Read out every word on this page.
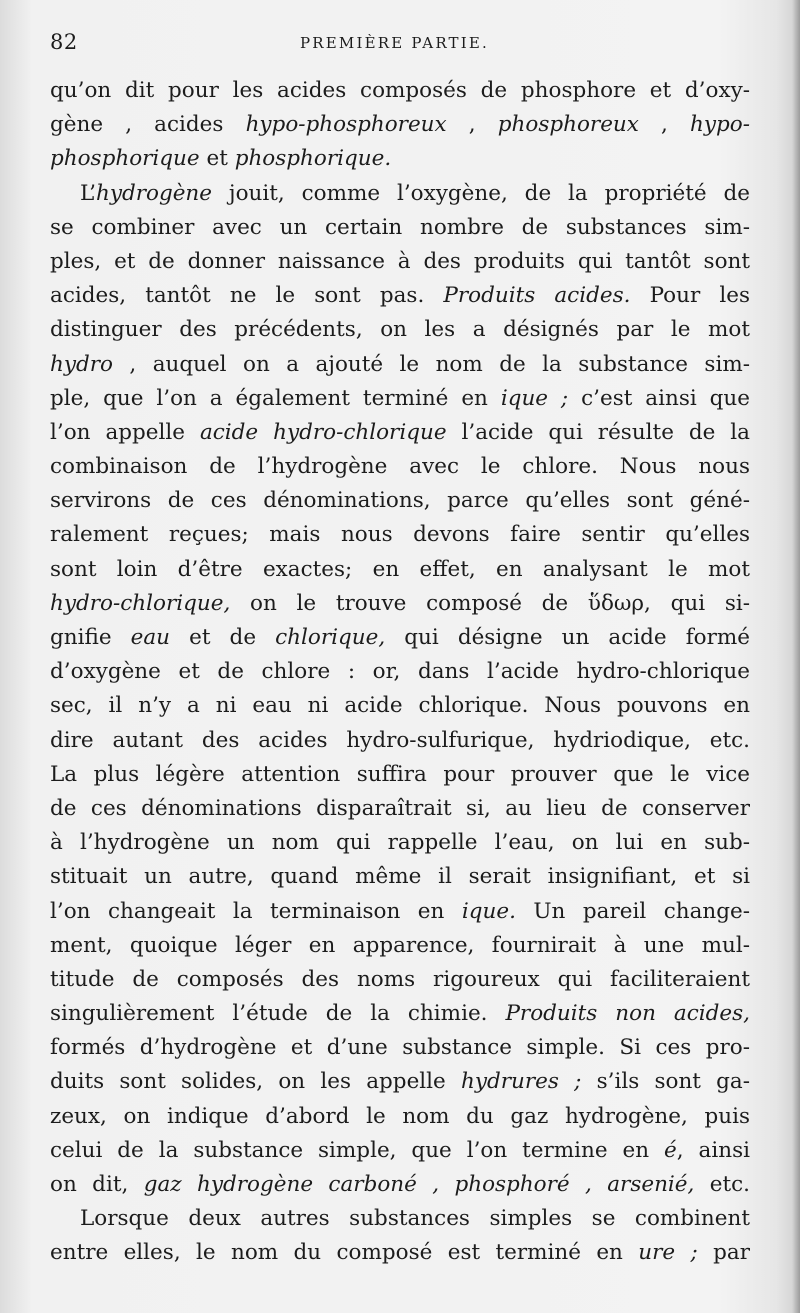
82	PREMIÈRE PARTIE.
qu’on dit pour les acides composés de phosphore et d’oxy-
gène , acides hypo-phosphoreux , phosphoreux , hypo-
phosphorique et phosphorique.
L’hydrogène jouit, comme l’oxygène, de la propriété de
se combiner avec un certain nombre de substances sim-
ples, et de donner naissance à des produits qui tantôt sont
acides, tantôt ne le sont pas. Produits acides. Pour les
distinguer des précédents, on les a désignés par le mot
hydro , auquel on a ajouté le nom de la substance sim-
ple, que l’on a également terminé en ique ; c’est ainsi que
l’on appelle acide hydro-chlorique l’acide qui résulte de la
combinaison de l’hydrogène avec le chlore. Nous nous
servirons de ces dénominations, parce qu’elles sont géné-
ralement reçues; mais nous devons faire sentir qu’elles
sont loin d’être exactes; en effet, en analysant le mot
hydro-chlorique, on le trouve composé de ὕδωρ, qui si-
gnifie eau et de chlorique, qui désigne un acide formé
d’oxygène et de chlore : or, dans l’acide hydro-chlorique
sec, il n’y a ni eau ni acide chlorique. Nous pouvons en
dire autant des acides hydro-sulfurique, hydriodique, etc.
La plus légère attention suffira pour prouver que le vice
de ces dénominations disparaîtrait si, au lieu de conserver
à l’hydrogène un nom qui rappelle l’eau, on lui en sub-
stituait un autre, quand même il serait insignifiant, et si
l’on changeait la terminaison en ique. Un pareil change-
ment, quoique léger en apparence, fournirait à une mul-
titude de composés des noms rigoureux qui faciliteraient
singulièrement l’étude de la chimie. Produits non acides,
formés d’hydrogène et d’une substance simple. Si ces pro-
duits sont solides, on les appelle hydrures ; s’ils sont ga-
zeux, on indique d’abord le nom du gaz hydrogène, puis
celui de la substance simple, que l’on termine en é, ainsi
on dit, gaz hydrogène carboné , phosphoré , arsenié, etc.
Lorsque deux autres substances simples se combinent
entre elles, le nom du composé est terminé en ure ; par
